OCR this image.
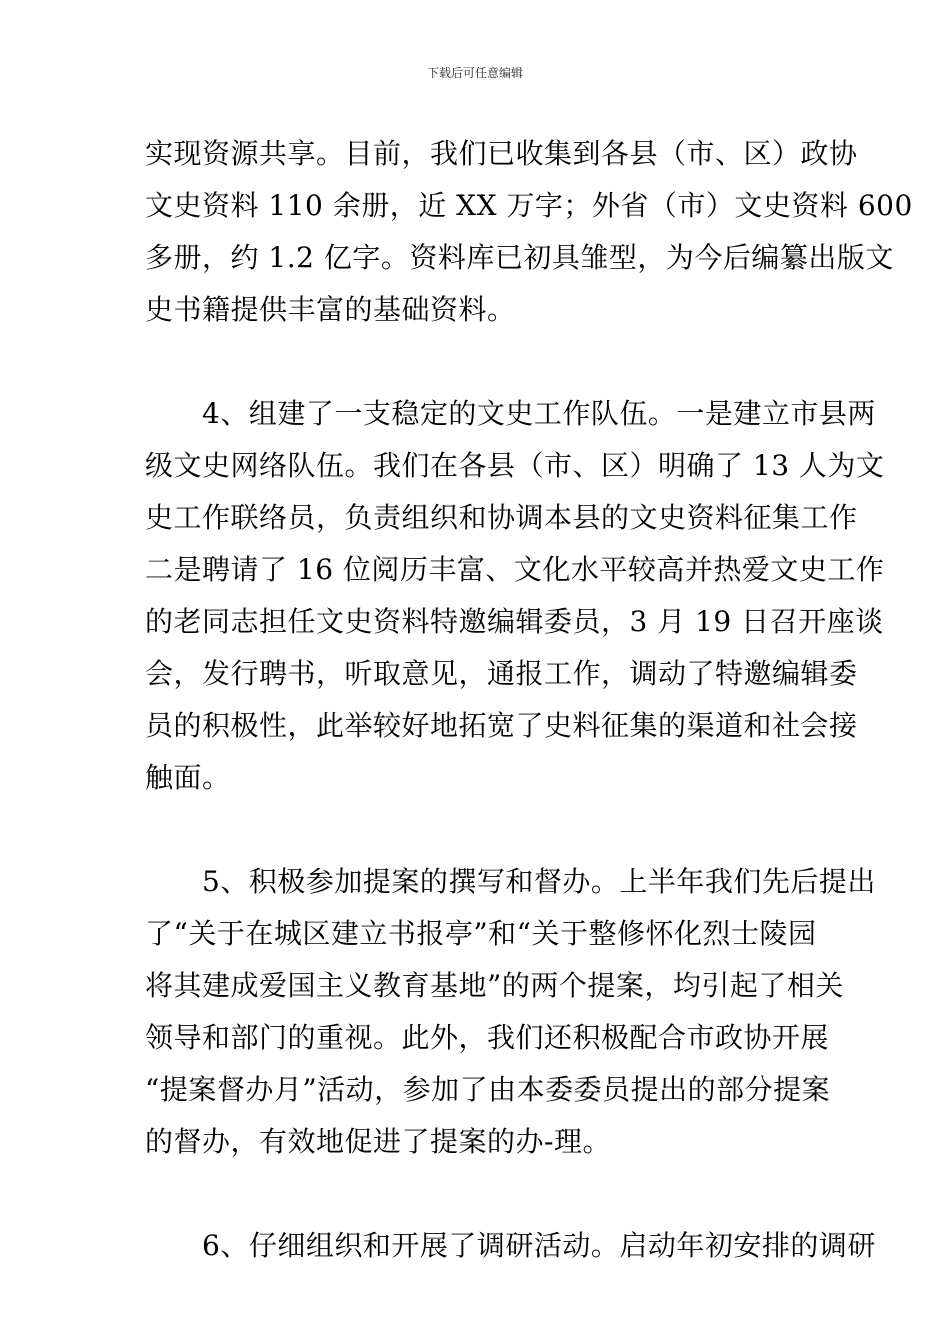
下载后可任意编辑
实现资源共享。目前，我们已收集到各县（市、区）政协
文史资料 110 余册，近 XX 万字；外省（市）文史资料 600
多册，约 1.2 亿字。资料库已初具雏型，为今后编纂出版文
史书籍提供丰富的基础资料。
　　4、组建了一支稳定的文史工作队伍。一是建立市县两
级文史网络队伍。我们在各县（市、区）明确了 13 人为文
史工作联络员，负责组织和协调本县的文史资料征集工作
二是聘请了 16 位阅历丰富、文化水平较高并热爱文史工作
的老同志担任文史资料特邀编辑委员，3 月 19 日召开座谈
会，发行聘书，听取意见，通报工作，调动了特邀编辑委
员的积极性，此举较好地拓宽了史料征集的渠道和社会接
触面。
　　5、积极参加提案的撰写和督办。上半年我们先后提出
了“关于在城区建立书报亭”和“关于整修怀化烈士陵园
将其建成爱国主义教育基地”的两个提案，均引起了相关
领导和部门的重视。此外，我们还积极配合市政协开展
“提案督办月”活动，参加了由本委委员提出的部分提案
的督办，有效地促进了提案的办-理。
　　6、仔细组织和开展了调研活动。启动年初安排的调研
